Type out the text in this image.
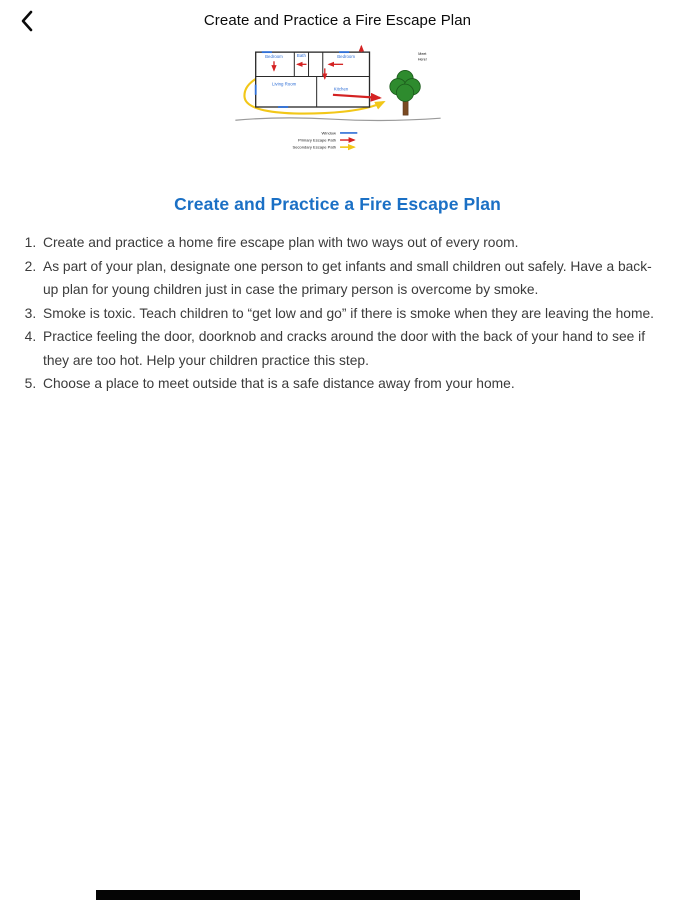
Create and Practice a Fire Escape Plan
Bedroom	Bath	Bedroom
Living Room
Kitchen
Meet
Here!
Window
Primary Escape Path
Secondary Escape Path
Create and Practice a Fire Escape Plan
1. Create and practice a home fire escape plan with two ways out of every room.
2. As part of your plan, designate one person to get infants and small children out safely. Have a back-up plan for young children just in case the primary person is overcome by smoke.
3. Smoke is toxic. Teach children to “get low and go” if there is smoke when they are leaving the home.
4. Practice feeling the door, doorknob and cracks around the door with the back of your hand to see if they are too hot. Help your children practice this step.
5. Choose a place to meet outside that is a safe distance away from your home.
